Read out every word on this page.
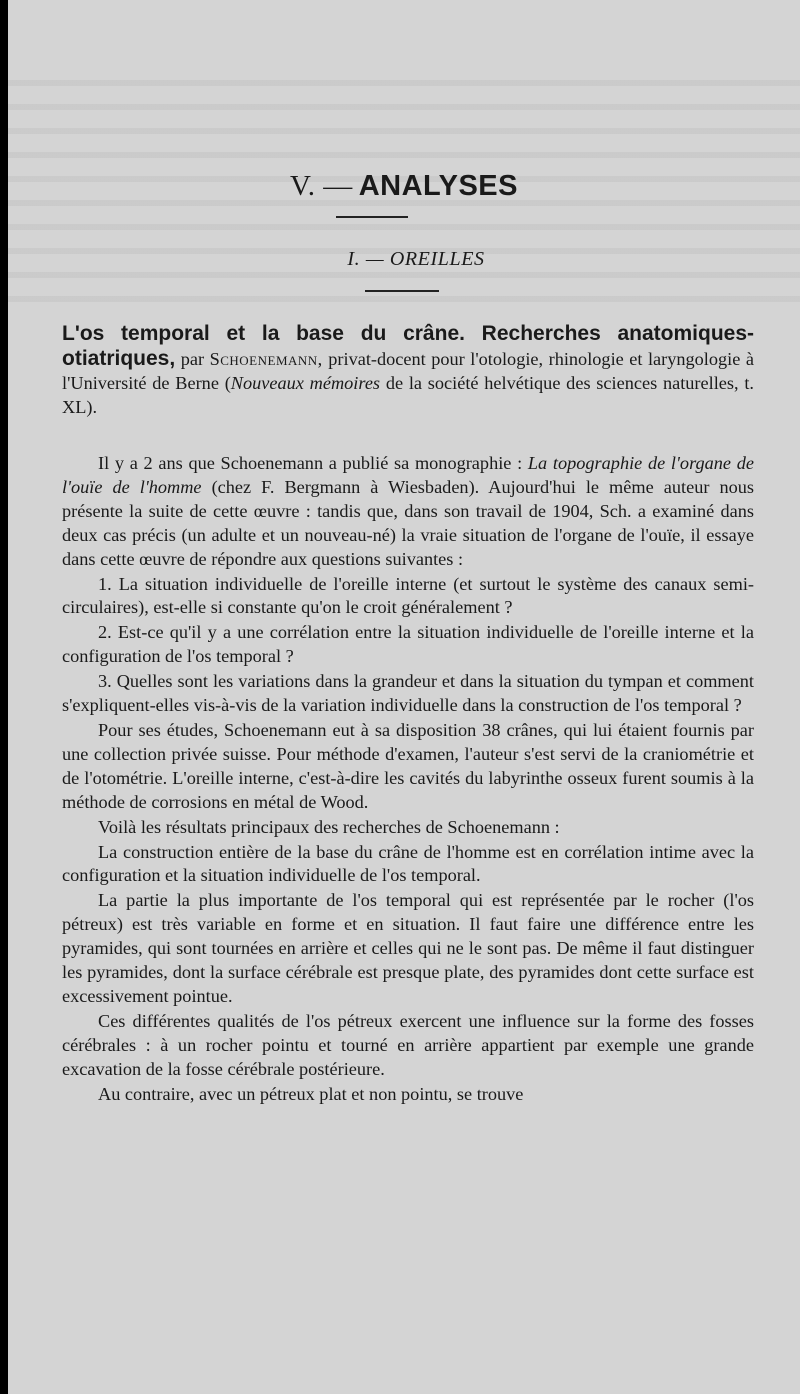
V. — ANALYSES
I. — OREILLES

L'os temporal et la base du crâne. Recherches anatomiques-otiatriques, par Schoenemann, privat-docent pour l'otologie, rhinologie et laryngologie à l'Université de Berne (Nouveaux mémoires de la société helvétique des sciences naturelles, t. XL).

Il y a 2 ans que Schoenemann a publié sa monographie : La topographie de l'organe de l'ouïe de l'homme (chez F. Bergmann à Wiesbaden). Aujourd'hui le même auteur nous présente la suite de cette œuvre : tandis que, dans son travail de 1904, Sch. a examiné dans deux cas précis (un adulte et un nouveau-né) la vraie situation de l'organe de l'ouïe, il essaye dans cette œuvre de répondre aux questions suivantes :

1. La situation individuelle de l'oreille interne (et surtout le système des canaux semi-circulaires), est-elle si constante qu'on le croit généralement ?

2. Est-ce qu'il y a une corrélation entre la situation individuelle de l'oreille interne et la configuration de l'os temporal ?

3. Quelles sont les variations dans la grandeur et dans la situation du tympan et comment s'expliquent-elles vis-à-vis de la variation individuelle dans la construction de l'os temporal ?

Pour ses études, Schoenemann eut à sa disposition 38 crânes, qui lui étaient fournis par une collection privée suisse. Pour méthode d'examen, l'auteur s'est servi de la craniométrie et de l'otométrie. L'oreille interne, c'est-à-dire les cavités du labyrinthe osseux furent soumis à la méthode de corrosions en métal de Wood.

Voilà les résultats principaux des recherches de Schoenemann :

La construction entière de la base du crâne de l'homme est en corrélation intime avec la configuration et la situation individuelle de l'os temporal.

La partie la plus importante de l'os temporal qui est représentée par le rocher (l'os pétreux) est très variable en forme et en situation. Il faut faire une différence entre les pyramides, qui sont tournées en arrière et celles qui ne le sont pas. De même il faut distinguer les pyramides, dont la surface cérébrale est presque plate, des pyramides dont cette surface est excessivement pointue.

Ces différentes qualités de l'os pétreux exercent une influence sur la forme des fosses cérébrales : à un rocher pointu et tourné en arrière appartient par exemple une grande excavation de la fosse cérébrale postérieure.

Au contraire, avec un pétreux plat et non pointu, se trouve
